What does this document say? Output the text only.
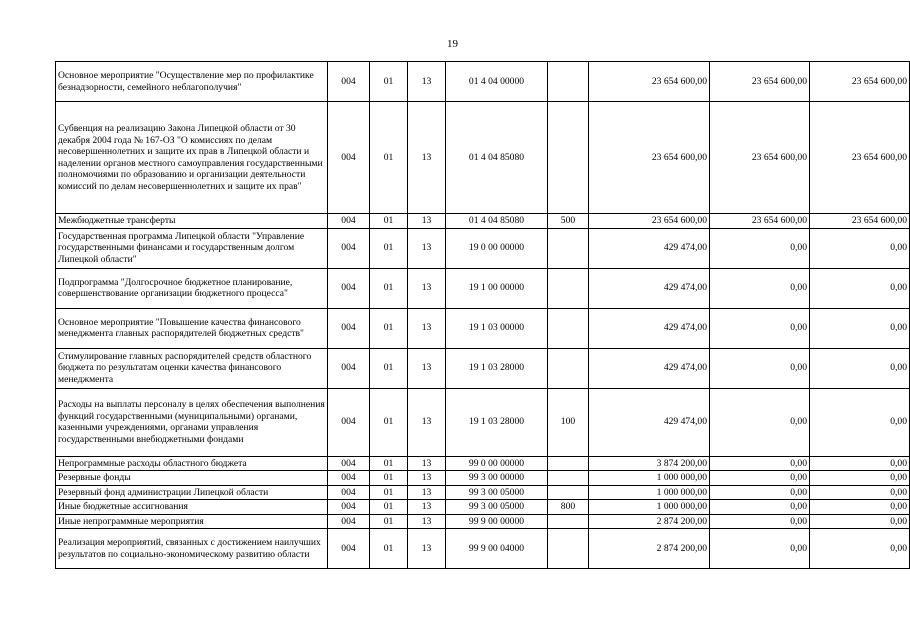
19
Основное мероприятие "Осуществление мер по профилактике безнадзорности, семейного неблагополучия"	004	01	13	01 4 04 00000		23 654 600,00	23 654 600,00	23 654 600,00
Субвенция на реализацию Закона Липецкой области от 30 декабря 2004 года № 167-ОЗ "О комиссиях по делам несовершеннолетних и защите их прав в Липецкой области и наделении органов местного самоуправления государственными полномочиями по образованию и организации деятельности комиссий по делам несовершеннолетних и защите их прав"	004	01	13	01 4 04 85080		23 654 600,00	23 654 600,00	23 654 600,00
Межбюджетные трансферты	004	01	13	01 4 04 85080	500	23 654 600,00	23 654 600,00	23 654 600,00
Государственная программа Липецкой области "Управление государственными финансами и государственным долгом Липецкой области"	004	01	13	19 0 00 00000		429 474,00	0,00	0,00
Подпрограмма "Долгосрочное бюджетное планирование, совершенствование организации бюджетного процесса"	004	01	13	19 1 00 00000		429 474,00	0,00	0,00
Основное мероприятие "Повышение качества финансового менеджмента главных распорядителей бюджетных средств"	004	01	13	19 1 03 00000		429 474,00	0,00	0,00
Стимулирование главных распорядителей средств областного бюджета по результатам оценки качества финансового менеджмента	004	01	13	19 1 03 28000		429 474,00	0,00	0,00
Расходы на выплаты персоналу в целях обеспечения выполнения функций государственными (муниципальными) органами, казенными учреждениями, органами управления государственными внебюджетными фондами	004	01	13	19 1 03 28000	100	429 474,00	0,00	0,00
Непрограммные расходы областного бюджета	004	01	13	99 0 00 00000		3 874 200,00	0,00	0,00
Резервные фонды	004	01	13	99 3 00 00000		1 000 000,00	0,00	0,00
Резервный фонд администрации Липецкой области	004	01	13	99 3 00 05000		1 000 000,00	0,00	0,00
Иные бюджетные ассигнования	004	01	13	99 3 00 05000	800	1 000 000,00	0,00	0,00
Иные непрограммные мероприятия	004	01	13	99 9 00 00000		2 874 200,00	0,00	0,00
Реализация мероприятий, связанных с достижением наилучших результатов по социально-экономическому развитию области	004	01	13	99 9 00 04000		2 874 200,00	0,00	0,00
